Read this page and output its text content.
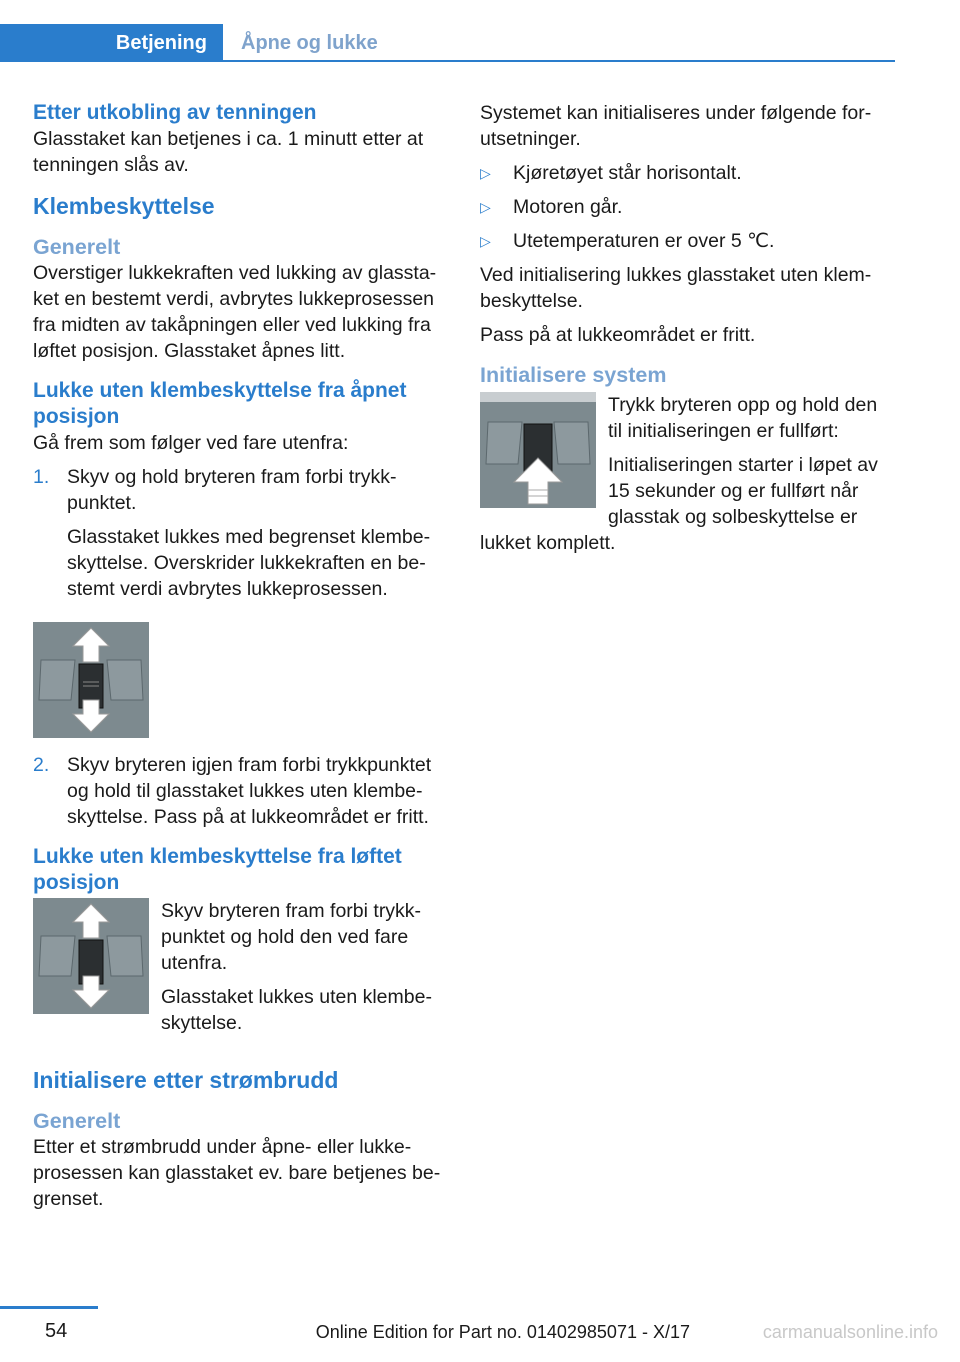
Betjening	Åpne og lukke
Etter utkobling av tenningen

Glasstaket kan betjenes i ca. 1 minutt etter at tenningen slås av.

Klembeskyttelse
Generelt

Overstiger lukkekraften ved lukking av glassta-ket en bestemt verdi, avbrytes lukkeprosessen fra midten av takåpningen eller ved lukking fra løftet posisjon. Glasstaket åpnes litt.

Lukke uten klembeskyttelse fra åpnet posisjon

Gå frem som følger ved fare utenfra:

1. Skyv og hold bryteren fram forbi trykk-punktet.

Glasstaket lukkes med begrenset klembe-skyttelse. Overskrider lukkekraften en be-stemt verdi avbrytes lukkeprosessen.

2. Skyv bryteren igjen fram forbi trykkpunktet og hold til glasstaket lukkes uten klembe-skyttelse. Pass på at lukkeområdet er fritt.

Lukke uten klembeskyttelse fra løftet posisjon

Skyv bryteren fram forbi trykk-punktet og hold den ved fare utenfra.

Glasstaket lukkes uten klembe-skyttelse.

Initialisere etter strømbrudd
Generelt

Etter et strømbrudd under åpne- eller lukke-prosessen kan glasstaket ev. bare betjenes be-grenset.

Systemet kan initialiseres under følgende for-utsetninger.

▷ Kjøretøyet står horisontalt.

▷ Motoren går.

▷ Utetemperaturen er over 5 ℃.

Ved initialisering lukkes glasstaket uten klem-beskyttelse.

Pass på at lukkeområdet er fritt.

Initialisere system

Trykk bryteren opp og hold den til initialiseringen er fullført:

Initialiseringen starter i løpet av 15 sekunder og er fullført når glasstak og solbeskyttelse er lukket komplett.

54	Online Edition for Part no. 01402985071 - X/17	carmanualsonline.info
